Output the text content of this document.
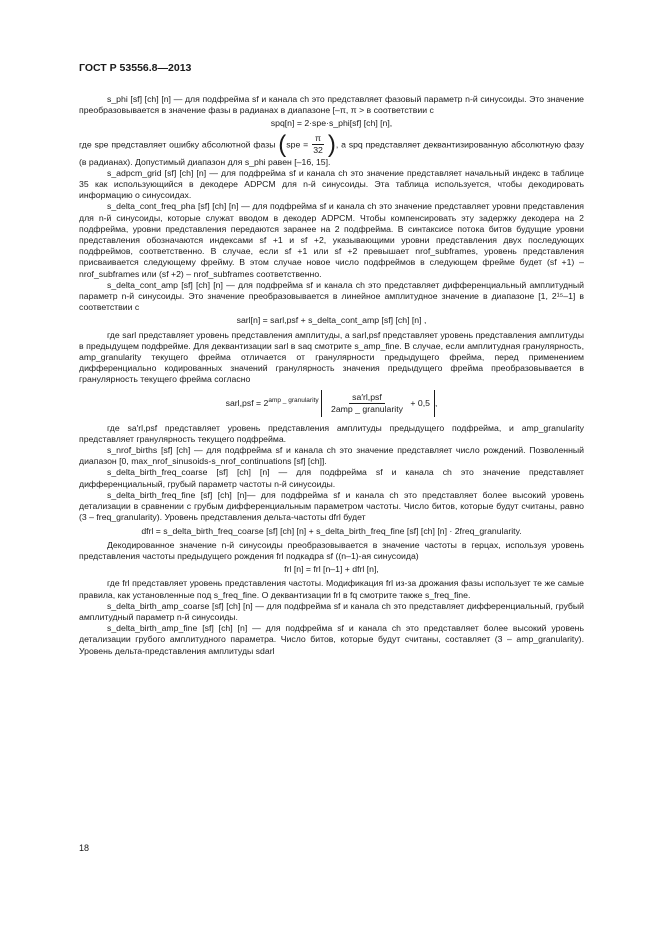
ГОСТ Р 53556.8—2013

s_phi [sf] [ch] [n] — для подфрейма sf и канала ch это представляет фазовый параметр n-й синусоиды. Это значение преобразовывается в значение фазы в радианах в диапазоне [–π, π > в соответствии с

spq[n] = 2·spe·s_phi[sf] [ch] [n],

где spe представляет ошибку абсолютной фазы ($spe = \frac{\pi}{32}$ ), а spq представляет деквантизированную абсолютную фазу (в радианах). Допустимый диапазон для s_phi равен [–16, 15].

s_adpcm_grid [sf] [ch] [n] — для подфрейма sf и канала ch это значение представляет начальный индекс в таблице 35 как использующийся в декодере ADPCM для n-й синусоиды. Эта таблица используется, чтобы декодировать информацию о синусоидах.

s_delta_cont_freq_pha [sf] [ch] [n] — для подфрейма sf и канала ch это значение представляет уровни представления для n-й синусоиды, которые служат вводом в декодер ADPCM. Чтобы компенсировать эту задержку декодера на 2 подфрейма, уровни представления передаются заранее на 2 подфрейма. В синтаксисе потока битов будущие уровни представления обозначаются индексами sf +1 и sf +2, указывающими уровни представления двух последующих подфреймов, соответственно. В случае, если sf +1 или sf +2 превышает nrof_subframes, уровень представления присваивается следующему фрейму. В этом случае новое число подфреймов в следующем фрейме будет (sf +1) – nrof_subframes или (sf +2) – nrof_subframes соответственно.

s_delta_cont_amp [sf] [ch] [n] — для подфрейма sf и канала ch это представляет дифференциальный амплитудный параметр n-й синусоиды. Это значение преобразовывается в линейное амплитудное значение в диапазоне [1, 2¹⁵–1] в соответствии с

sarl[n] = sarl,psf + s_delta_cont_amp [sf] [ch] [n] ,

где sarl представляет уровень представления амплитуды, а sarl,psf представляет уровень представления амплитуды в предыдущем подфрейме. Для деквантизации sarl в saq смотрите s_amp_fine. В случае, если амплитудная гранулярность, amp_granularity текущего фрейма отличается от гранулярности предыдущего фрейма, перед применением дифференциально кодированных значений гранулярность значения предыдущего фрейма преобразовывается в гранулярность текущего фрейма согласно

sarl,psf = $2^{amp \_ granularity} \frac{\text{sa′rl,psf}}{\text{2amp \_ granularity}} + 0,5$ ,

где sa′rl,psf представляет уровень представления амплитуды предыдущего подфрейма, и amp_granularity представляет гранулярность текущего подфрейма.

s_nrof_births [sf] [ch] — для подфрейма sf и канала ch это значение представляет число рождений. Позволенный диапазон [0, max_nrof_sinusoids-s_nrof_continuations [sf] [ch]].

s_delta_birth_freq_coarse [sf] [ch] [n] — для подфрейма sf и канала ch это значение представляет дифференциальный, грубый параметр частоты n-й синусоиды.

s_delta_birth_freq_fine [sf] [ch] [n]— для подфрейма sf и канала ch это представляет более высокий уровень детализации в сравнении с грубым дифференциальным параметром частоты. Число битов, которые будут считаны, равно (3 – freq_granularity). Уровень представления дельта-частоты dfrl будет

dfrl = s_delta_birth_freq_coarse [sf] [ch] [n] + s_delta_birth_freq_fine [sf] [ch] [n] · 2freq_granularity.

Декодированное значение n-й синусоиды преобразовывается в значение частоты в герцах, используя уровень представления частоты предыдущего рождения frl подкадра sf ((n–1)-ая синусоида)

frl [n] = frl [n–1] + dfrl [n],

где frl представляет уровень представления частоты. Модификация frl из-за дрожания фазы использует те же самые правила, как установленные под s_freq_fine. О деквантизации frl в fq смотрите также s_freq_fine.

s_delta_birth_amp_coarse [sf] [ch] [n] — для подфрейма sf и канала ch это представляет дифференциальный, грубый амплитудный параметр n-й синусоиды.

s_delta_birth_amp_fine [sf] [ch] [n] — для подфрейма sf и канала ch это представляет более высокий уровень детализации грубого амплитудного параметра. Число битов, которые будут считаны, составляет (3 – amp_granularity). Уровень дельта-представления амплитуды sdarl

18
